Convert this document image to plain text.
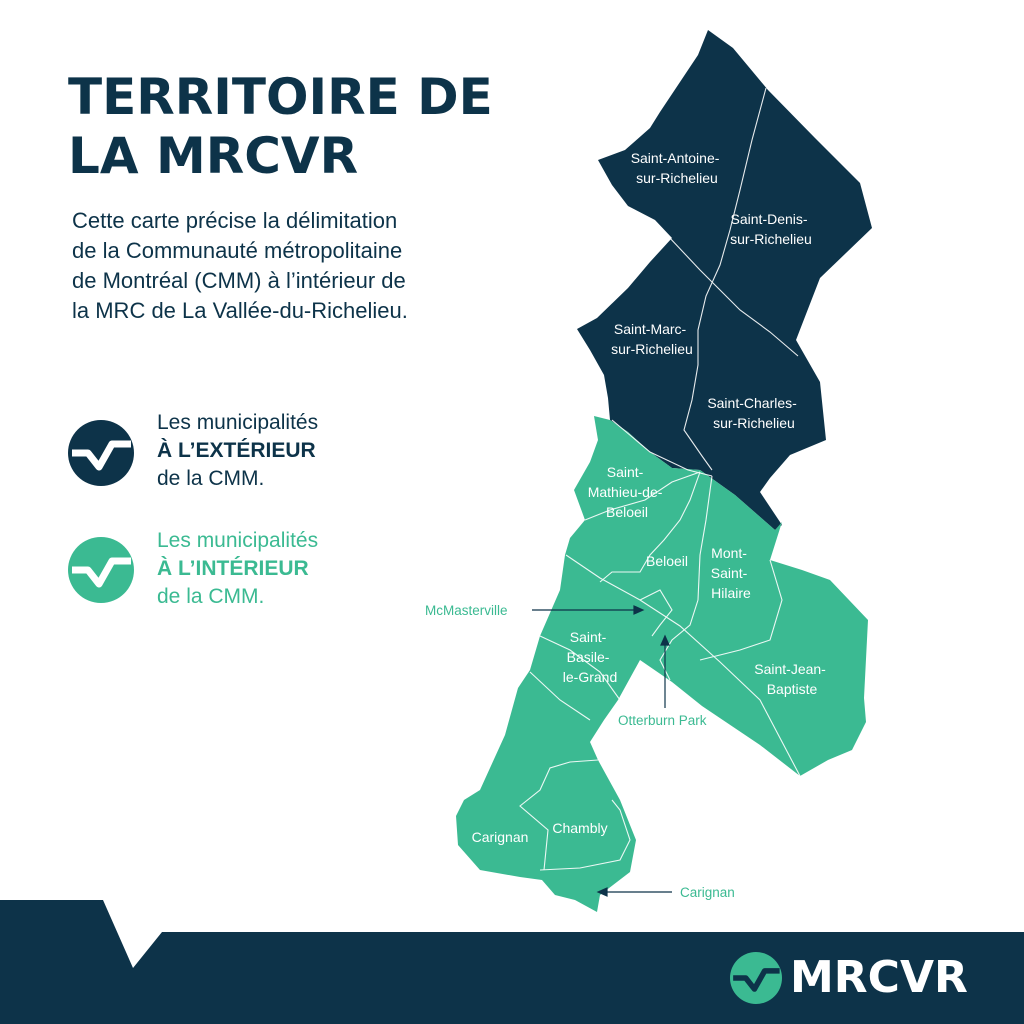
TERRITOIRE DE
LA MRCVR
Cette carte précise la délimitation
de la Communauté métropolitaine
de Montréal (CMM) à l’intérieur de
la MRC de La Vallée-du-Richelieu.
Les municipalités
À L’EXTÉRIEUR
de la CMM.
Les municipalités
À L’INTÉRIEUR
de la CMM.
Saint-Antoine- sur-Richelieu
Saint-Denis- sur-Richelieu
Saint-Marc- sur-Richelieu
Saint-Charles- sur-Richelieu
Saint- Mathieu-de- Beloeil
Beloeil Mont- Saint- Hilaire
Saint- Basile- le-Grand	Saint-Jean- Baptiste
Carignan
Chambly
McMasterville
Otterburn Park
Carignan
MRCVR
